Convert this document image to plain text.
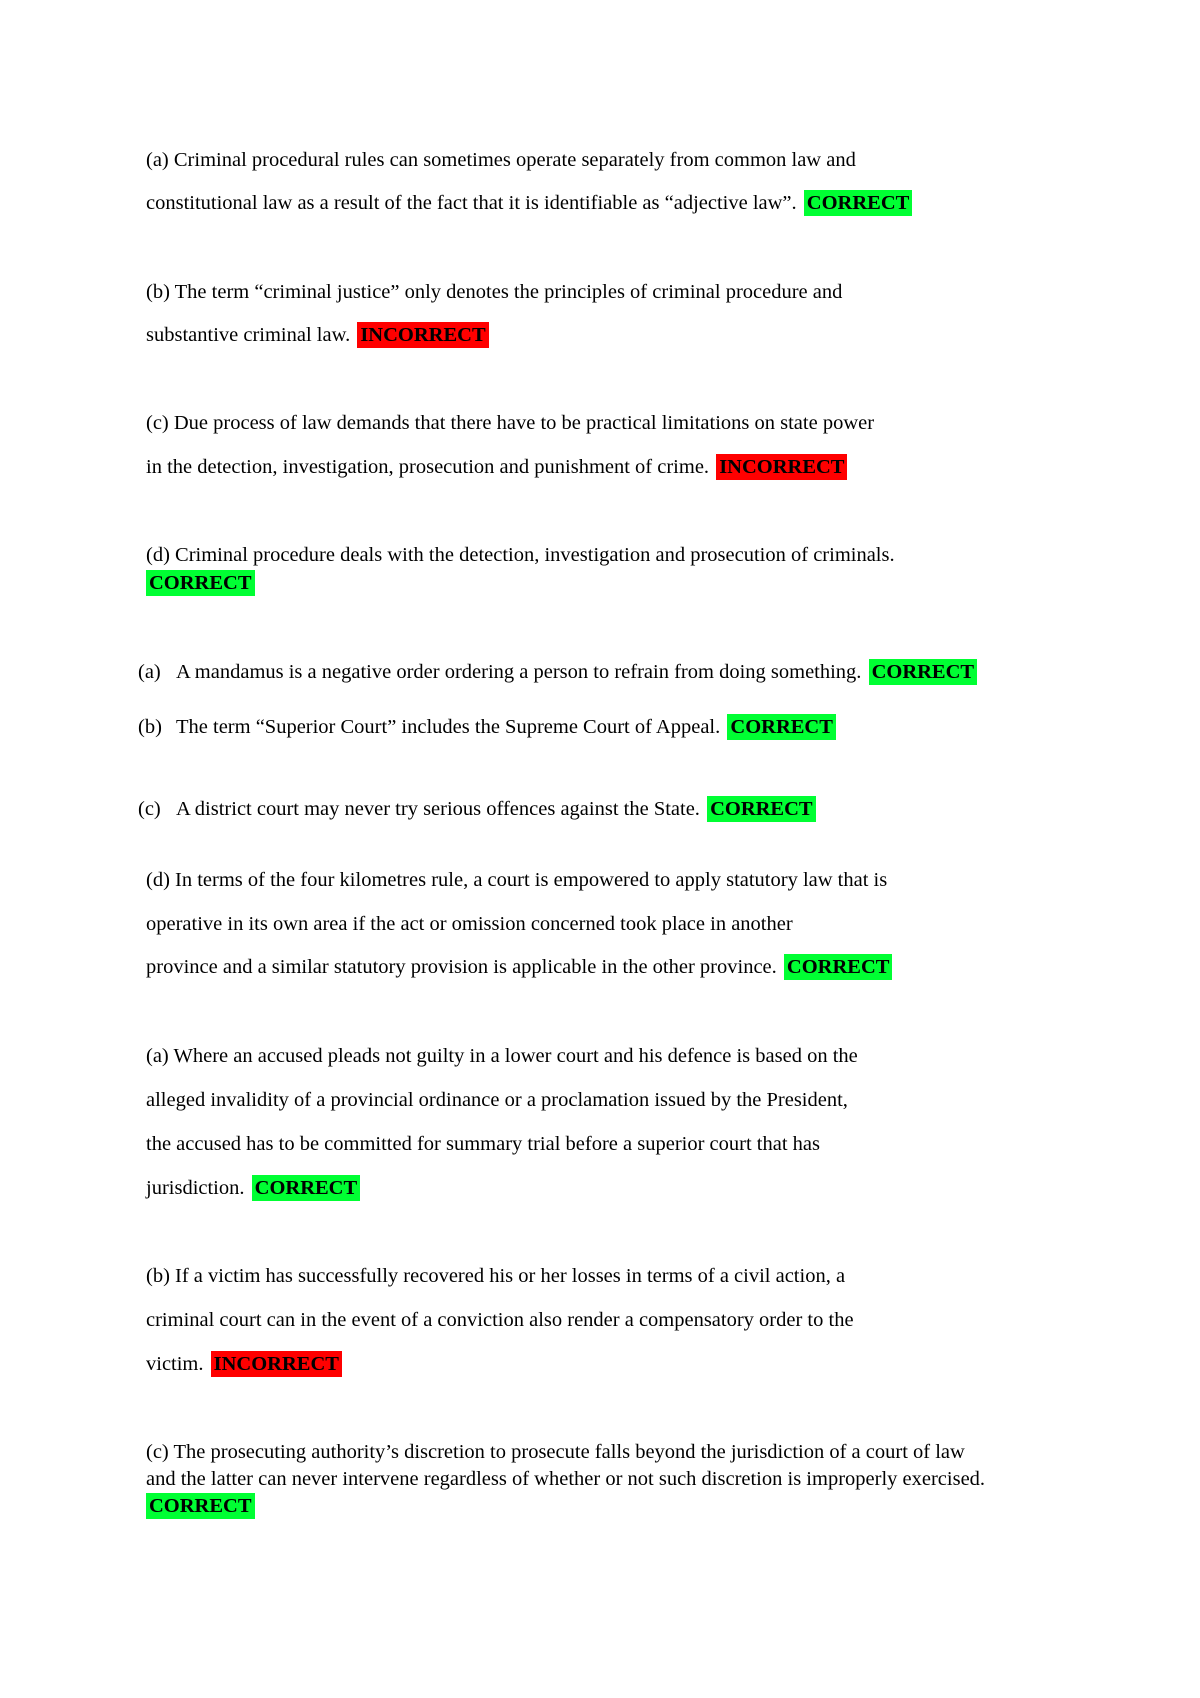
(a) Criminal procedural rules can sometimes operate separately from common law and
constitutional law as a result of the fact that it is identifiable as “adjective law”. CORRECT
(b) The term “criminal justice” only denotes the principles of criminal procedure and
substantive criminal law. INCORRECT
(c) Due process of law demands that there have to be practical limitations on state power
in the detection, investigation, prosecution and punishment of crime. INCORRECT
(d) Criminal procedure deals with the detection, investigation and prosecution of criminals.
CORRECT
(a) A mandamus is a negative order ordering a person to refrain from doing something. CORRECT
(b) The term “Superior Court” includes the Supreme Court of Appeal. CORRECT
(c) A district court may never try serious offences against the State. CORRECT
(d) In terms of the four kilometres rule, a court is empowered to apply statutory law that is
operative in its own area if the act or omission concerned took place in another
province and a similar statutory provision is applicable in the other province. CORRECT
(a) Where an accused pleads not guilty in a lower court and his defence is based on the
alleged invalidity of a provincial ordinance or a proclamation issued by the President,
the accused has to be committed for summary trial before a superior court that has
jurisdiction. CORRECT
(b) If a victim has successfully recovered his or her losses in terms of a civil action, a
criminal court can in the event of a conviction also render a compensatory order to the
victim. INCORRECT
(c) The prosecuting authority’s discretion to prosecute falls beyond the jurisdiction of a court of law
and the latter can never intervene regardless of whether or not such discretion is improperly exercised.
CORRECT
